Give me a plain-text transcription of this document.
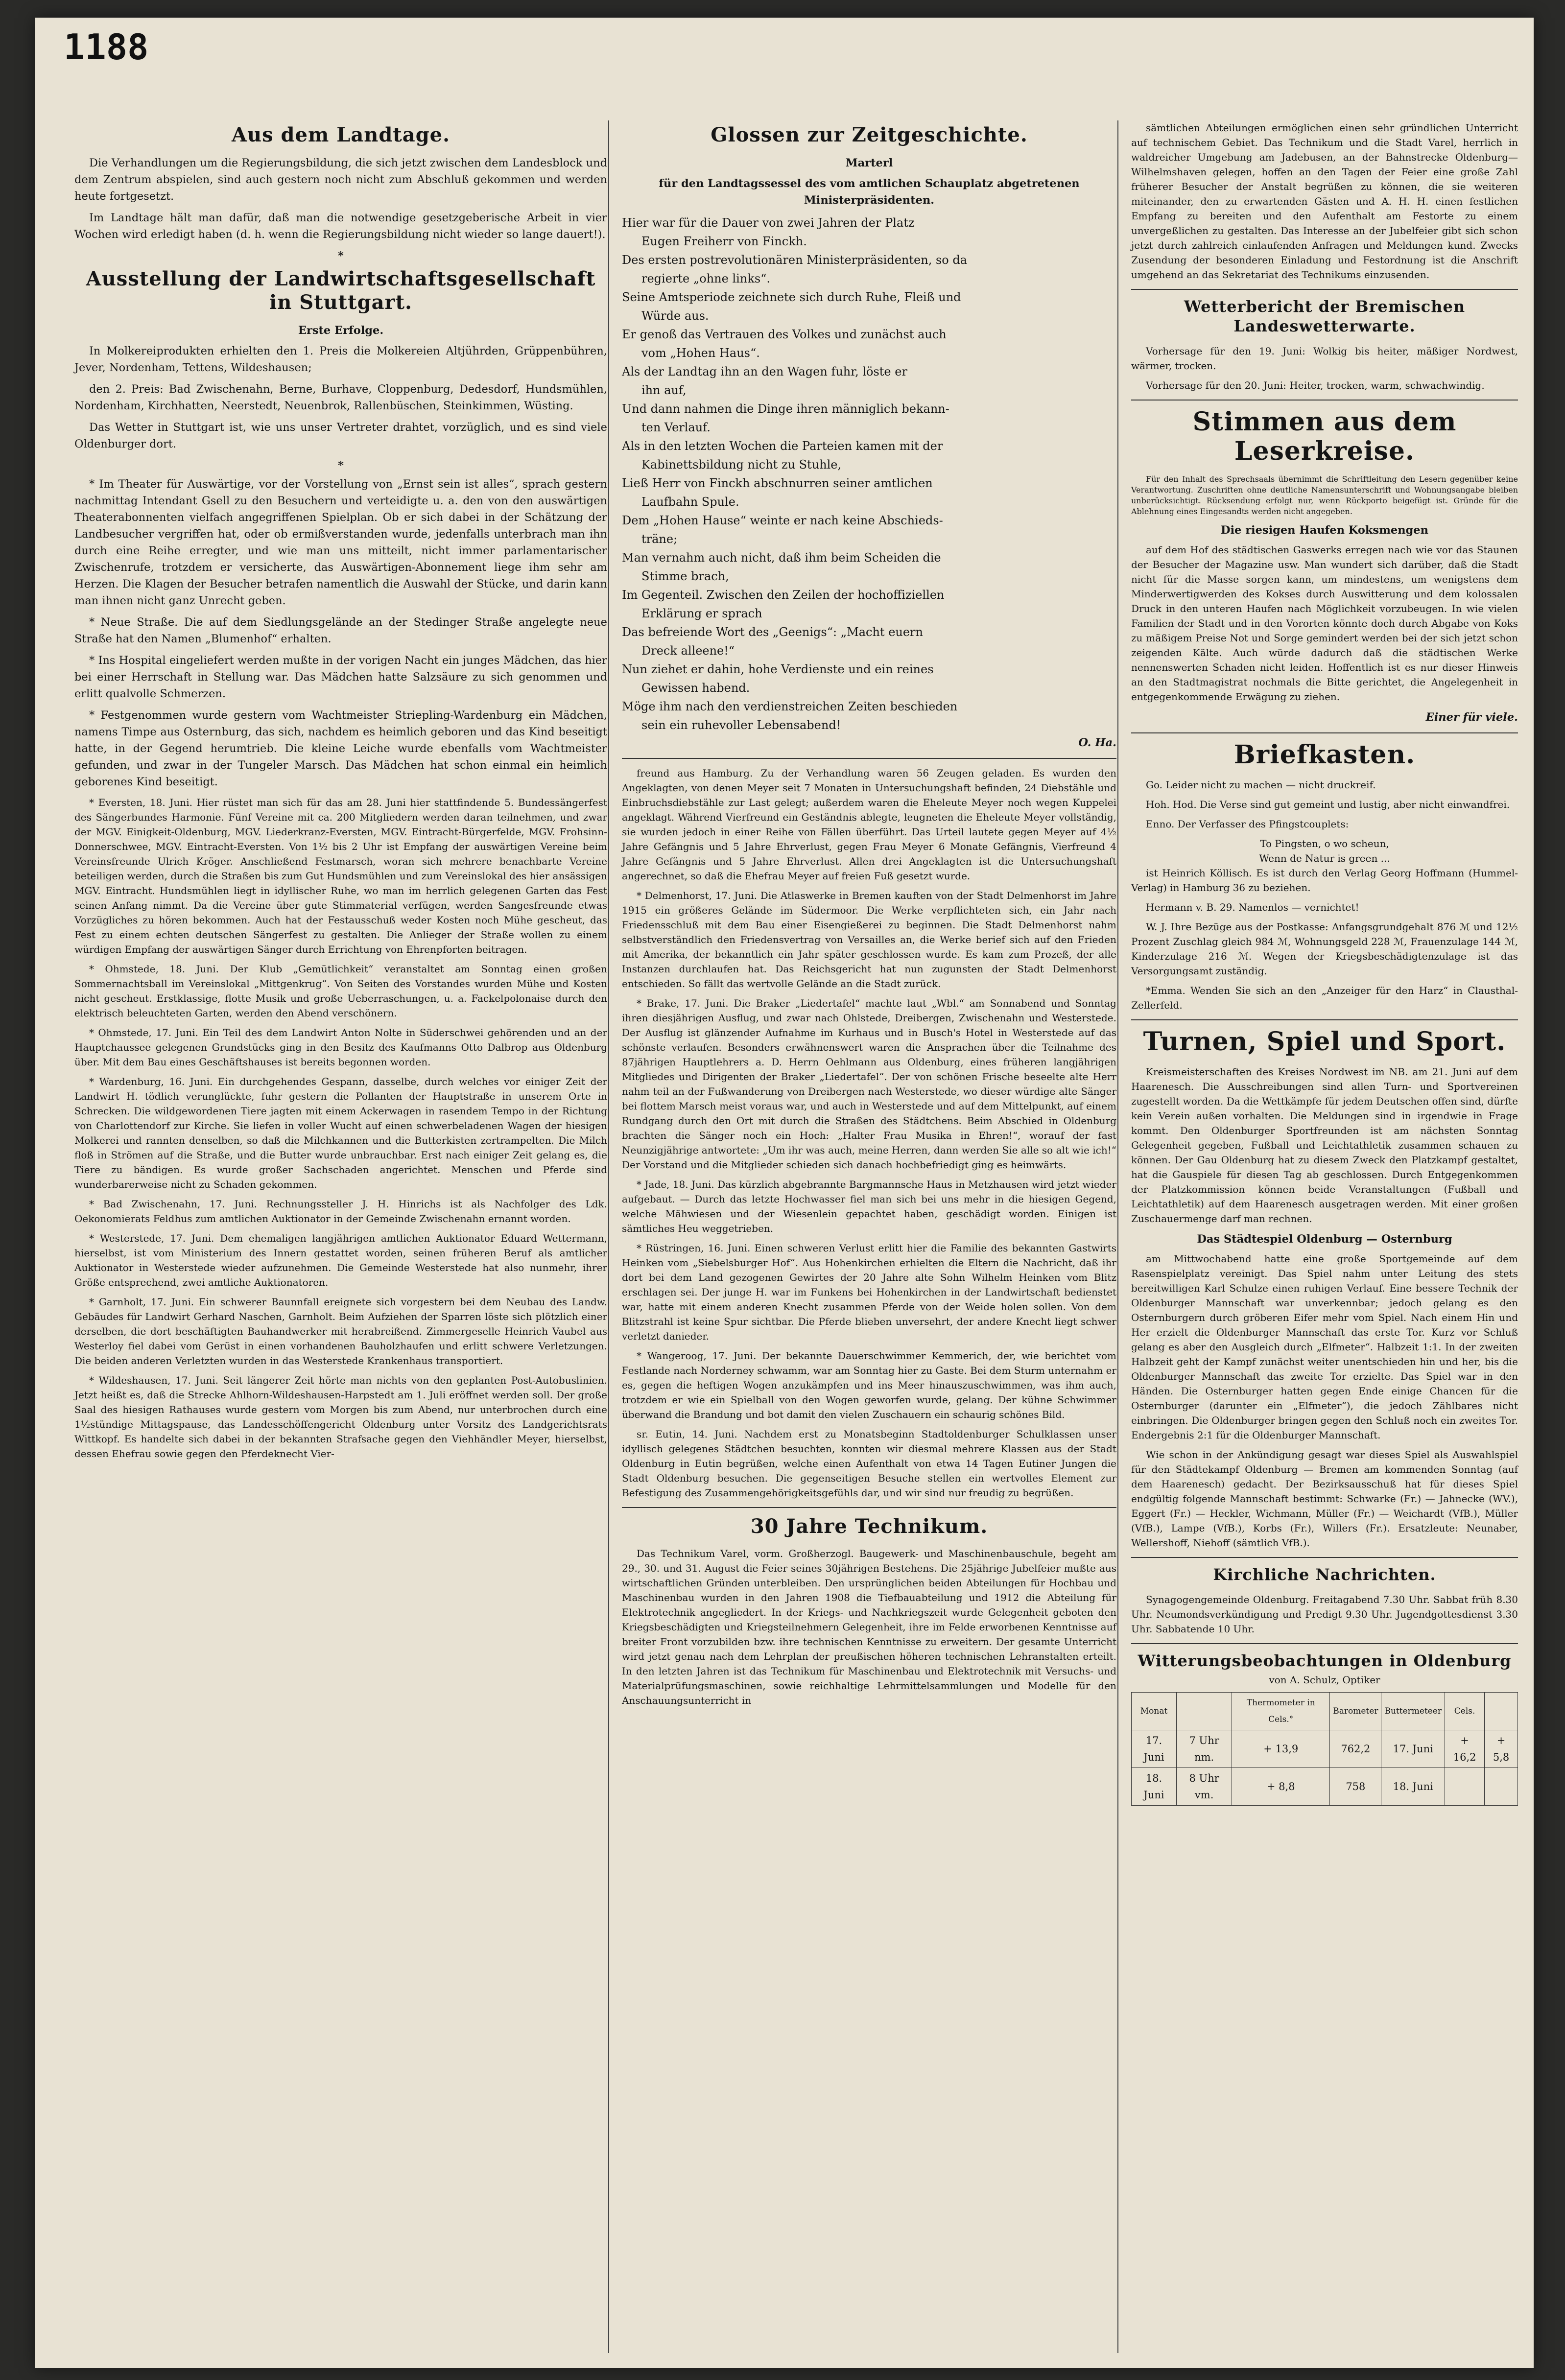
1188
Aus dem Landtage.

Die Verhandlungen um die Regierungsbildung, die sich jetzt zwischen dem Landesblock und dem Zentrum abspielen, sind auch gestern noch nicht zum Abschluß gekommen und werden heute fortgesetzt.

Im Landtage hält man dafür, daß man die notwendige gesetzgeberische Arbeit in vier Wochen wird erledigt haben (d. h. wenn die Regierungsbildung nicht wieder so lange dauert!).

*
Ausstellung der Landwirtschaftsgesellschaft in Stuttgart.
Erste Erfolge.

In Molkereiprodukten erhielten den 1. Preis die Molkereien Altjührden, Grüppenbühren, Jever, Nordenham, Tettens, Wildeshausen;

den 2. Preis: Bad Zwischenahn, Berne, Burhave, Cloppenburg, Dedesdorf, Hundsmühlen, Nordenham, Kirchhatten, Neerstedt, Neuenbrok, Rallenbüschen, Steinkimmen, Wüsting.

Das Wetter in Stuttgart ist, wie uns unser Vertreter drahtet, vorzüglich, und es sind viele Oldenburger dort.

*

* Im Theater für Auswärtige, vor der Vorstellung von „Ernst sein ist alles“, sprach gestern nachmittag Intendant Gsell zu den Besuchern und verteidigte u. a. den von den auswärtigen Theaterabonnenten vielfach angegriffenen Spielplan. Ob er sich dabei in der Schätzung der Landbesucher vergriffen hat, oder ob ermißverstanden wurde, jedenfalls unterbrach man ihn durch eine Reihe erregter, und wie man uns mitteilt, nicht immer parlamentarischer Zwischenrufe, trotzdem er versicherte, das Auswärtigen-Abonnement liege ihm sehr am Herzen. Die Klagen der Besucher betrafen namentlich die Auswahl der Stücke, und darin kann man ihnen nicht ganz Unrecht geben.

* Neue Straße. Die auf dem Siedlungsgelände an der Stedinger Straße angelegte neue Straße hat den Namen „Blumenhof“ erhalten.

* Ins Hospital eingeliefert werden mußte in der vorigen Nacht ein junges Mädchen, das hier bei einer Herrschaft in Stellung war. Das Mädchen hatte Salzsäure zu sich genommen und erlitt qualvolle Schmerzen.

* Festgenommen wurde gestern vom Wachtmeister Striepling-Wardenburg ein Mädchen, namens Timpe aus Osternburg, das sich, nachdem es heimlich geboren und das Kind beseitigt hatte, in der Gegend herumtrieb. Die kleine Leiche wurde ebenfalls vom Wachtmeister gefunden, und zwar in der Tungeler Marsch. Das Mädchen hat schon einmal ein heimlich geborenes Kind beseitigt.

* Eversten, 18. Juni. Hier rüstet man sich für das am 28. Juni hier stattfindende 5. Bundessängerfest des Sängerbundes Harmonie. Fünf Vereine mit ca. 200 Mitgliedern werden daran teilnehmen, und zwar der MGV. Einigkeit-Oldenburg, MGV. Liederkranz-Eversten, MGV. Eintracht-Bürgerfelde, MGV. Frohsinn-Donnerschwee, MGV. Eintracht-Eversten. Von 1½ bis 2 Uhr ist Empfang der auswärtigen Vereine beim Vereinsfreunde Ulrich Kröger. Anschließend Festmarsch, woran sich mehrere benachbarte Vereine beteiligen werden, durch die Straßen bis zum Gut Hundsmühlen und zum Vereinslokal des hier ansässigen MGV. Eintracht. Hundsmühlen liegt in idyllischer Ruhe, wo man im herrlich gelegenen Garten das Fest seinen Anfang nimmt. Da die Vereine über gute Stimmaterial verfügen, werden Sangesfreunde etwas Vorzügliches zu hören bekommen. Auch hat der Festausschuß weder Kosten noch Mühe gescheut, das Fest zu einem echten deutschen Sängerfest zu gestalten. Die Anlieger der Straße wollen zu einem würdigen Empfang der auswärtigen Sänger durch Errichtung von Ehrenpforten beitragen.

* Ohmstede, 18. Juni. Der Klub „Gemütlichkeit“ veranstaltet am Sonntag einen großen Sommernachtsball im Vereinslokal „Mittgenkrug“. Von Seiten des Vorstandes wurden Mühe und Kosten nicht gescheut. Erstklassige, flotte Musik und große Ueberraschungen, u. a. Fackelpolonaise durch den elektrisch beleuchteten Garten, werden den Abend verschönern.

* Ohmstede, 17. Juni. Ein Teil des dem Landwirt Anton Nolte in Süderschwei gehörenden und an der Hauptchaussee gelegenen Grundstücks ging in den Besitz des Kaufmanns Otto Dalbrop aus Oldenburg über. Mit dem Bau eines Geschäftshauses ist bereits begonnen worden.

* Wardenburg, 16. Juni. Ein durchgehendes Gespann, dasselbe, durch welches vor einiger Zeit der Landwirt H. tödlich verunglückte, fuhr gestern die Pollanten der Hauptstraße in unserem Orte in Schrecken. Die wildgewordenen Tiere jagten mit einem Ackerwagen in rasendem Tempo in der Richtung von Charlottendorf zur Kirche. Sie liefen in voller Wucht auf einen schwerbeladenen Wagen der hiesigen Molkerei und rannten denselben, so daß die Milchkannen und die Butterkisten zertrampelten. Die Milch floß in Strömen auf die Straße, und die Butter wurde unbrauchbar. Erst nach einiger Zeit gelang es, die Tiere zu bändigen. Es wurde großer Sachschaden angerichtet. Menschen und Pferde sind wunderbarerweise nicht zu Schaden gekommen.

* Bad Zwischenahn, 17. Juni. Rechnungssteller J. H. Hinrichs ist als Nachfolger des Ldk. Oekonomierats Feldhus zum amtlichen Auktionator in der Gemeinde Zwischenahn ernannt worden.

* Westerstede, 17. Juni. Dem ehemaligen langjährigen amtlichen Auktionator Eduard Wettermann, hierselbst, ist vom Ministerium des Innern gestattet worden, seinen früheren Beruf als amtlicher Auktionator in Westerstede wieder aufzunehmen. Die Gemeinde Westerstede hat also nunmehr, ihrer Größe entsprechend, zwei amtliche Auktionatoren.

* Garnholt, 17. Juni. Ein schwerer Baunnfall ereignete sich vorgestern bei dem Neubau des Landw. Gebäudes für Landwirt Gerhard Naschen, Garnholt. Beim Aufziehen der Sparren löste sich plötzlich einer derselben, die dort beschäftigten Bauhandwerker mit herabreißend. Zimmergeselle Heinrich Vaubel aus Westerloy fiel dabei vom Gerüst in einen vorhandenen Bauholzhaufen und erlitt schwere Verletzungen. Die beiden anderen Verletzten wurden in das Westerstede Krankenhaus transportiert.

* Wildeshausen, 17. Juni. Seit längerer Zeit hörte man nichts von den geplanten Post-Autobuslinien. Jetzt heißt es, daß die Strecke Ahlhorn-Wildeshausen-Harpstedt am 1. Juli eröffnet werden soll. Der große Saal des hiesigen Rathauses wurde gestern vom Morgen bis zum Abend, nur unterbrochen durch eine 1½stündige Mittagspause, das Landesschöffengericht Oldenburg unter Vorsitz des Landgerichtsrats Wittkopf. Es handelte sich dabei in der bekannten Strafsache gegen den Viehhändler Meyer, hierselbst, dessen Ehefrau sowie gegen den Pferdeknecht Vier-

Glossen zur Zeitgeschichte.
Marterl
für den Landtagssessel des vom amtlichen Schauplatz abgetretenen Ministerpräsidenten.
Hier war für die Dauer von zwei Jahren der Platz
Eugen Freiherr von Finckh.
Des ersten postrevolutionären Ministerpräsidenten, so da
regierte „ohne links“.
Seine Amtsperiode zeichnete sich durch Ruhe, Fleiß und
Würde aus.
Er genoß das Vertrauen des Volkes und zunächst auch
vom „Hohen Haus“.
Als der Landtag ihn an den Wagen fuhr, löste er
ihn auf,
Und dann nahmen die Dinge ihren männiglich bekann-
ten Verlauf.
Als in den letzten Wochen die Parteien kamen mit der
Kabinettsbildung nicht zu Stuhle,
Ließ Herr von Finckh abschnurren seiner amtlichen
Laufbahn Spule.
Dem „Hohen Hause“ weinte er nach keine Abschieds-
träne;
Man vernahm auch nicht, daß ihm beim Scheiden die
Stimme brach,
Im Gegenteil. Zwischen den Zeilen der hochoffiziellen
Erklärung er sprach
Das befreiende Wort des „Geenigs“: „Macht euern
Dreck alleene!“
Nun ziehet er dahin, hohe Verdienste und ein reines
Gewissen habend.
Möge ihm nach den verdienstreichen Zeiten beschieden
sein ein ruhevoller Lebensabend!
O. Ha.

freund aus Hamburg. Zu der Verhandlung waren 56 Zeugen geladen. Es wurden den Angeklagten, von denen Meyer seit 7 Monaten in Untersuchungshaft befinden, 24 Diebstähle und Einbruchsdiebstähle zur Last gelegt; außerdem waren die Eheleute Meyer noch wegen Kuppelei angeklagt. Während Vierfreund ein Geständnis ablegte, leugneten die Eheleute Meyer vollständig, sie wurden jedoch in einer Reihe von Fällen überführt. Das Urteil lautete gegen Meyer auf 4½ Jahre Gefängnis und 5 Jahre Ehrverlust, gegen Frau Meyer 6 Monate Gefängnis, Vierfreund 4 Jahre Gefängnis und 5 Jahre Ehrverlust. Allen drei Angeklagten ist die Untersuchungshaft angerechnet, so daß die Ehefrau Meyer auf freien Fuß gesetzt wurde.

* Delmenhorst, 17. Juni. Die Atlaswerke in Bremen kauften von der Stadt Delmenhorst im Jahre 1915 ein größeres Gelände im Südermoor. Die Werke verpflichteten sich, ein Jahr nach Friedensschluß mit dem Bau einer Eisengießerei zu beginnen. Die Stadt Delmenhorst nahm selbstverständlich den Friedensvertrag von Versailles an, die Werke berief sich auf den Frieden mit Amerika, der bekanntlich ein Jahr später geschlossen wurde. Es kam zum Prozeß, der alle Instanzen durchlaufen hat. Das Reichsgericht hat nun zugunsten der Stadt Delmenhorst entschieden. So fällt das wertvolle Gelände an die Stadt zurück.

* Brake, 17. Juni. Die Braker „Liedertafel“ machte laut „Wbl.“ am Sonnabend und Sonntag ihren diesjährigen Ausflug, und zwar nach Ohlstede, Dreibergen, Zwischenahn und Westerstede. Der Ausflug ist glänzender Aufnahme im Kurhaus und in Busch's Hotel in Westerstede auf das schönste verlaufen. Besonders erwähnenswert waren die Ansprachen über die Teilnahme des 87jährigen Hauptlehrers a. D. Herrn Oehlmann aus Oldenburg, eines früheren langjährigen Mitgliedes und Dirigenten der Braker „Liedertafel“. Der von schönen Frische beseelte alte Herr nahm teil an der Fußwanderung von Dreibergen nach Westerstede, wo dieser würdige alte Sänger bei flottem Marsch meist voraus war, und auch in Westerstede und auf dem Mittelpunkt, auf einem Rundgang durch den Ort mit durch die Straßen des Städtchens. Beim Abschied in Oldenburg brachten die Sänger noch ein Hoch: „Halter Frau Musika in Ehren!“, worauf der fast Neunzigjährige antwortete: „Um ihr was auch, meine Herren, dann werden Sie alle so alt wie ich!“ Der Vorstand und die Mitglieder schieden sich danach hochbefriedigt ging es heimwärts.

* Jade, 18. Juni. Das kürzlich abgebrannte Bargmannsche Haus in Metzhausen wird jetzt wieder aufgebaut. — Durch das letzte Hochwasser fiel man sich bei uns mehr in die hiesigen Gegend, welche Mähwiesen und der Wiesenlein gepachtet haben, geschädigt worden. Einigen ist sämtliches Heu weggetrieben.

* Rüstringen, 16. Juni. Einen schweren Verlust erlitt hier die Familie des bekannten Gastwirts Heinken vom „Siebelsburger Hof“. Aus Hohenkirchen erhielten die Eltern die Nachricht, daß ihr dort bei dem Land gezogenen Gewirtes der 20 Jahre alte Sohn Wilhelm Heinken vom Blitz erschlagen sei. Der junge H. war im Funkens bei Hohenkirchen in der Landwirtschaft bedienstet war, hatte mit einem anderen Knecht zusammen Pferde von der Weide holen sollen. Von dem Blitzstrahl ist keine Spur sichtbar. Die Pferde blieben unversehrt, der andere Knecht liegt schwer verletzt danieder.

* Wangeroog, 17. Juni. Der bekannte Dauerschwimmer Kemmerich, der, wie berichtet vom Festlande nach Norderney schwamm, war am Sonntag hier zu Gaste. Bei dem Sturm unternahm er es, gegen die heftigen Wogen anzukämpfen und ins Meer hinauszuschwimmen, was ihm auch, trotzdem er wie ein Spielball von den Wogen geworfen wurde, gelang. Der kühne Schwimmer überwand die Brandung und bot damit den vielen Zuschauern ein schaurig schönes Bild.

sr. Eutin, 14. Juni. Nachdem erst zu Monatsbeginn Stadtoldenburger Schulklassen unser idyllisch gelegenes Städtchen besuchten, konnten wir diesmal mehrere Klassen aus der Stadt Oldenburg in Eutin begrüßen, welche einen Aufenthalt von etwa 14 Tagen Eutiner Jungen die Stadt Oldenburg besuchen. Die gegenseitigen Besuche stellen ein wertvolles Element zur Befestigung des Zusammengehörigkeitsgefühls dar, und wir sind nur freudig zu begrüßen.

30 Jahre Technikum.

Das Technikum Varel, vorm. Großherzogl. Baugewerk- und Maschinenbauschule, begeht am 29., 30. und 31. August die Feier seines 30jährigen Bestehens. Die 25jährige Jubelfeier mußte aus wirtschaftlichen Gründen unterbleiben. Den ursprünglichen beiden Abteilungen für Hochbau und Maschinenbau wurden in den Jahren 1908 die Tiefbauabteilung und 1912 die Abteilung für Elektrotechnik angegliedert. In der Kriegs- und Nachkriegszeit wurde Gelegenheit geboten den Kriegsbeschädigten und Kriegsteilnehmern Gelegenheit, ihre im Felde erworbenen Kenntnisse auf breiter Front vorzubilden bzw. ihre technischen Kenntnisse zu erweitern. Der gesamte Unterricht wird jetzt genau nach dem Lehrplan der preußischen höheren technischen Lehranstalten erteilt. In den letzten Jahren ist das Technikum für Maschinenbau und Elektrotechnik mit Versuchs- und Materialprüfungsmaschinen, sowie reichhaltige Lehrmittelsammlungen und Modelle für den Anschauungsunterricht in

sämtlichen Abteilungen ermöglichen einen sehr gründlichen Unterricht auf technischem Gebiet. Das Technikum und die Stadt Varel, herrlich in waldreicher Umgebung am Jadebusen, an der Bahnstrecke Oldenburg—Wilhelmshaven gelegen, hoffen an den Tagen der Feier eine große Zahl früherer Besucher der Anstalt begrüßen zu können, die sie weiteren miteinander, den zu erwartenden Gästen und A. H. H. einen festlichen Empfang zu bereiten und den Aufenthalt am Festorte zu einem unvergeßlichen zu gestalten. Das Interesse an der Jubelfeier gibt sich schon jetzt durch zahlreich einlaufenden Anfragen und Meldungen kund. Zwecks Zusendung der besonderen Einladung und Festordnung ist die Anschrift umgehend an das Sekretariat des Technikums einzusenden.

Wetterbericht der Bremischen Landeswetterwarte.

Vorhersage für den 19. Juni: Wolkig bis heiter, mäßiger Nordwest, wärmer, trocken.

Vorhersage für den 20. Juni: Heiter, trocken, warm, schwachwindig.

Stimmen aus dem Leserkreise.

Für den Inhalt des Sprechsaals übernimmt die Schriftleitung den Lesern gegenüber keine Verantwortung. Zuschriften ohne deutliche Namensunterschrift und Wohnungsangabe bleiben unberücksichtigt. Rücksendung erfolgt nur, wenn Rückporto beigefügt ist. Gründe für die Ablehnung eines Eingesandts werden nicht angegeben.

Die riesigen Haufen Koksmengen

auf dem Hof des städtischen Gaswerks erregen nach wie vor das Staunen der Besucher der Magazine usw. Man wundert sich darüber, daß die Stadt nicht für die Masse sorgen kann, um mindestens, um wenigstens dem Minderwertigwerden des Kokses durch Auswitterung und dem kolossalen Druck in den unteren Haufen nach Möglichkeit vorzubeugen. In wie vielen Familien der Stadt und in den Vororten könnte doch durch Abgabe von Koks zu mäßigem Preise Not und Sorge gemindert werden bei der sich jetzt schon zeigenden Kälte. Auch würde dadurch daß die städtischen Werke nennenswerten Schaden nicht leiden. Hoffentlich ist es nur dieser Hinweis an den Stadtmagistrat nochmals die Bitte gerichtet, die Angelegenheit in entgegenkommende Erwägung zu ziehen.

Einer für viele.
Briefkasten.

Go. Leider nicht zu machen — nicht druckreif.

Hoh. Hod. Die Verse sind gut gemeint und lustig, aber nicht einwandfrei.

Enno. Der Verfasser des Pfingstcouplets:

To Pingsten, o wo scheun,
Wenn de Natur is green ...

ist Heinrich Köllisch. Es ist durch den Verlag Georg Hoffmann (Hummel-Verlag) in Hamburg 36 zu beziehen.

Hermann v. B. 29. Namenlos — vernichtet!

W. J. Ihre Bezüge aus der Postkasse: Anfangsgrundgehalt 876 ℳ und 12½ Prozent Zuschlag gleich 984 ℳ, Wohnungsgeld 228 ℳ, Frauenzulage 144 ℳ, Kinderzulage 216 ℳ. Wegen der Kriegsbeschädigtenzulage ist das Versorgungsamt zuständig.

*Emma. Wenden Sie sich an den „Anzeiger für den Harz“ in Clausthal-Zellerfeld.

Turnen, Spiel und Sport.

Kreismeisterschaften des Kreises Nordwest im NB. am 21. Juni auf dem Haarenesch. Die Ausschreibungen sind allen Turn- und Sportvereinen zugestellt worden. Da die Wettkämpfe für jedem Deutschen offen sind, dürfte kein Verein außen vorhalten. Die Meldungen sind in irgendwie in Frage kommt. Den Oldenburger Sportfreunden ist am nächsten Sonntag Gelegenheit gegeben, Fußball und Leichtathletik zusammen schauen zu können. Der Gau Oldenburg hat zu diesem Zweck den Platzkampf gestaltet, hat die Gauspiele für diesen Tag ab geschlossen. Durch Entgegenkommen der Platzkommission können beide Veranstaltungen (Fußball und Leichtathletik) auf dem Haarenesch ausgetragen werden. Mit einer großen Zuschauermenge darf man rechnen.

Das Städtespiel Oldenburg — Osternburg

am Mittwochabend hatte eine große Sportgemeinde auf dem Rasenspielplatz vereinigt. Das Spiel nahm unter Leitung des stets bereitwilligen Karl Schulze einen ruhigen Verlauf. Eine bessere Technik der Oldenburger Mannschaft war unverkennbar; jedoch gelang es den Osternburgern durch gröberen Eifer mehr vom Spiel. Nach einem Hin und Her erzielt die Oldenburger Mannschaft das erste Tor. Kurz vor Schluß gelang es aber den Ausgleich durch „Elfmeter“. Halbzeit 1:1. In der zweiten Halbzeit geht der Kampf zunächst weiter unentschieden hin und her, bis die Oldenburger Mannschaft das zweite Tor erzielte. Das Spiel war in den Händen. Die Osternburger hatten gegen Ende einige Chancen für die Osternburger (darunter ein „Elfmeter“), die jedoch Zählbares nicht einbringen. Die Oldenburger bringen gegen den Schluß noch ein zweites Tor. Endergebnis 2:1 für die Oldenburger Mannschaft.

Wie schon in der Ankündigung gesagt war dieses Spiel als Auswahlspiel für den Städtekampf Oldenburg — Bremen am kommenden Sonntag (auf dem Haarenesch) gedacht. Der Bezirksausschuß hat für dieses Spiel endgültig folgende Mannschaft bestimmt: Schwarke (Fr.) — Jahnecke (WV.), Eggert (Fr.) — Heckler, Wichmann, Müller (Fr.) — Weichardt (VfB.), Müller (VfB.), Lampe (VfB.), Korbs (Fr.), Willers (Fr.). Ersatzleute: Neunaber, Wellershoff, Niehoff (sämtlich VfB.).

Kirchliche Nachrichten.

Synagogengemeinde Oldenburg. Freitagabend 7.30 Uhr. Sabbat früh 8.30 Uhr. Neumondsverkündigung und Predigt 9.30 Uhr. Jugendgottesdienst 3.30 Uhr. Sabbatende 10 Uhr.

Witterungsbeobachtungen in Oldenburg
von A. Schulz, Optiker
Monat		Thermometer in Cels.°	Barometer	Buttermeteer	Cels.	
17. Juni	7 Uhr nm.	+ 13,9	762,2	17. Juni	+ 16,2	+ 5,8
18. Juni	8 Uhr vm.	+ 8,8	758	18. Juni		
